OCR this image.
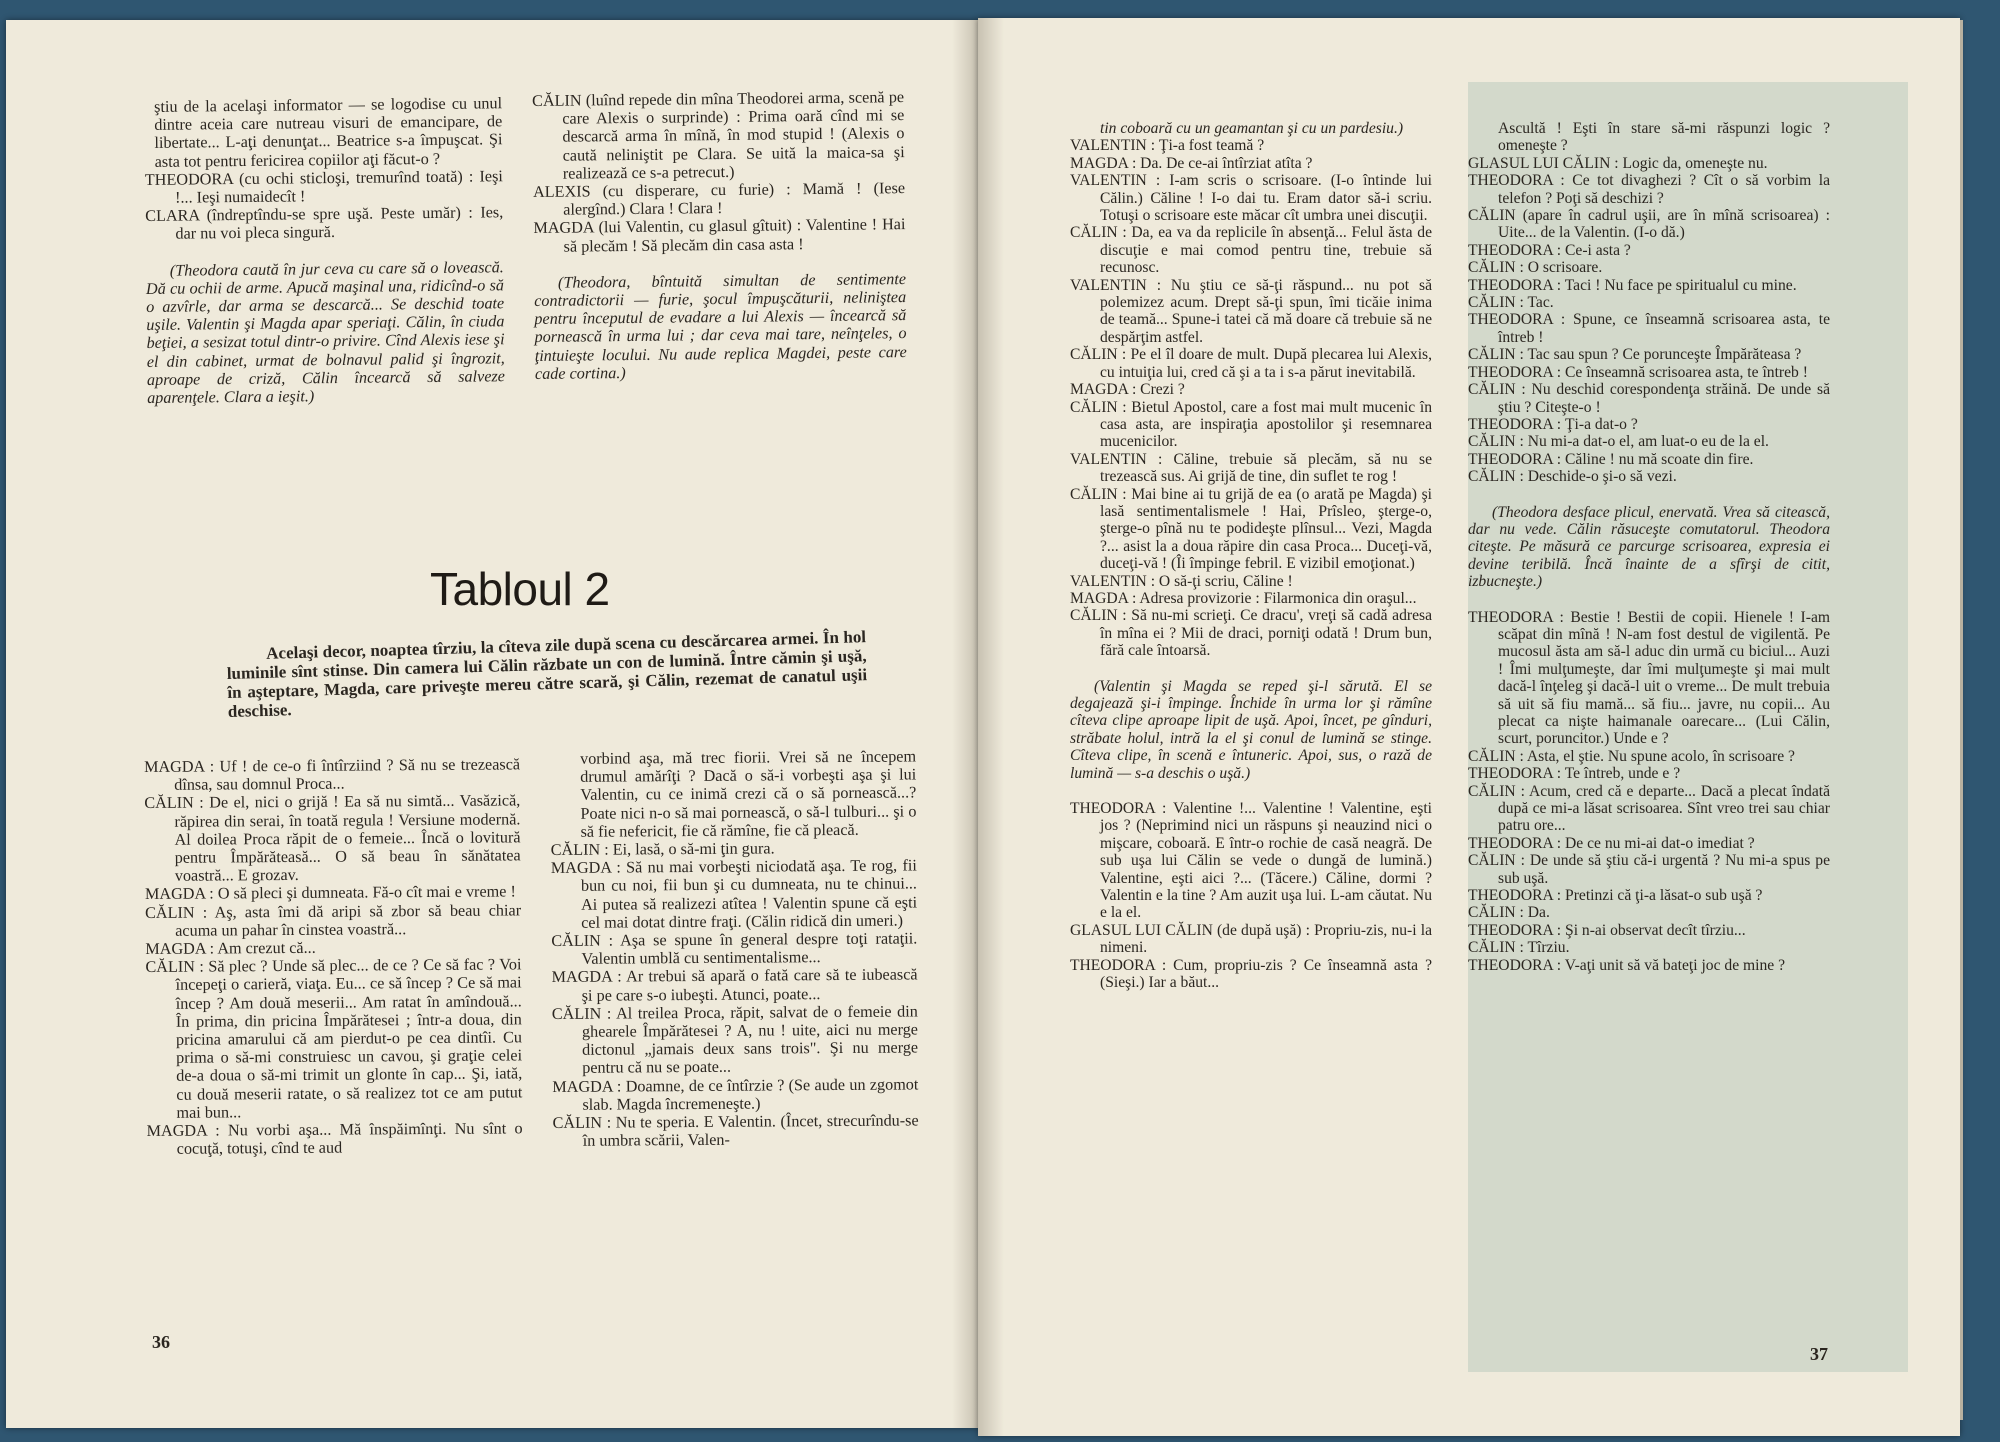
ştiu de la acelaşi informator — se logodise cu unul dintre aceia care nutreau visuri de emancipare, de libertate... L-aţi denunţat... Beatrice s-a împuşcat. Şi asta tot pentru fericirea copiilor aţi făcut-o ?

THEODORA (cu ochi sticloşi, tremurînd toată) : Ieşi !... Ieşi numaidecît !

CLARA (îndreptîndu-se spre uşă. Peste umăr) : Ies, dar nu voi pleca singură.

(Theodora caută în jur ceva cu care să o lovească. Dă cu ochii de arme. Apucă maşinal una, ridicînd-o să o azvîrle, dar arma se descarcă... Se deschid toate uşile. Valentin şi Magda apar speriaţi. Călin, în ciuda beţiei, a sesizat totul dintr-o privire. Cînd Alexis iese şi el din cabinet, urmat de bolnavul palid şi îngrozit, aproape de criză, Călin încearcă să salveze aparenţele. Clara a ieşit.)

CĂLIN (luînd repede din mîna Theodorei arma, scenă pe care Alexis o surprinde) : Prima oară cînd mi se descarcă arma în mînă, în mod stupid ! (Alexis o caută neliniştit pe Clara. Se uită la maica-sa şi realizează ce s-a petrecut.)

ALEXIS (cu disperare, cu furie) : Mamă ! (Iese alergînd.) Clara ! Clara !

MAGDA (lui Valentin, cu glasul gîtuit) : Valentine ! Hai să plecăm ! Să plecăm din casa asta !

(Theodora, bîntuită simultan de sentimente contradictorii — furie, şocul împuşcăturii, neliniştea pentru începutul de evadare a lui Alexis — încearcă să pornească în urma lui ; dar ceva mai tare, neînţeles, o ţintuieşte locului. Nu aude replica Magdei, peste care cade cortina.)

Tabloul 2

Acelaşi decor, noaptea tîrziu, la cîteva zile după scena cu descărcarea armei. În hol luminile sînt stinse. Din camera lui Călin răzbate un con de lumină. Între cămin şi uşă, în aşteptare, Magda, care priveşte mereu către scară, şi Călin, rezemat de canatul uşii deschise.

MAGDA : Uf ! de ce-o fi întîrziind ? Să nu se trezească dînsa, sau domnul Proca...

CĂLIN : De el, nici o grijă ! Ea să nu simtă... Vasăzică, răpirea din serai, în toată regula ! Versiune modernă. Al doilea Proca răpit de o femeie... Încă o lovitură pentru Împărăteasă... O să beau în sănătatea voastră... E grozav.

MAGDA : O să pleci şi dumneata. Fă-o cît mai e vreme !

CĂLIN : Aş, asta îmi dă aripi să zbor să beau chiar acuma un pahar în cinstea voastră...

MAGDA : Am crezut că...

CĂLIN : Să plec ? Unde să plec... de ce ? Ce să fac ? Voi începeţi o carieră, viaţa. Eu... ce să încep ? Ce să mai încep ? Am două meserii... Am ratat în amîndouă... În prima, din pricina Împărătesei ; într-a doua, din pricina amarului că am pierdut-o pe cea dintîi. Cu prima o să-mi construiesc un cavou, şi graţie celei de-a doua o să-mi trimit un glonte în cap... Şi, iată, cu două meserii ratate, o să realizez tot ce am putut mai bun...

MAGDA : Nu vorbi aşa... Mă înspăimînţi. Nu sînt o cocuţă, totuşi, cînd te aud

vorbind aşa, mă trec fiorii. Vrei să ne începem drumul amărîţi ? Dacă o să-i vorbeşti aşa şi lui Valentin, cu ce inimă crezi că o să pornească...? Poate nici n-o să mai pornească, o să-l tulburi... şi o să fie nefericit, fie că rămîne, fie că pleacă.

CĂLIN : Ei, lasă, o să-mi ţin gura.

MAGDA : Să nu mai vorbeşti niciodată aşa. Te rog, fii bun cu noi, fii bun şi cu dumneata, nu te chinui... Ai putea să realizezi atîtea ! Valentin spune că eşti cel mai dotat dintre fraţi. (Călin ridică din umeri.)

CĂLIN : Aşa se spune în general despre toţi rataţii. Valentin umblă cu sentimentalisme...

MAGDA : Ar trebui să apară o fată care să te iubească şi pe care s-o iubeşti. Atunci, poate...

CĂLIN : Al treilea Proca, răpit, salvat de o femeie din ghearele Împărătesei ? A, nu ! uite, aici nu merge dictonul „jamais deux sans trois". Şi nu merge pentru că nu se poate...

MAGDA : Doamne, de ce întîrzie ? (Se aude un zgomot slab. Magda încremeneşte.)

CĂLIN : Nu te speria. E Valentin. (Încet, strecurîndu-se în umbra scării, Valen-

36

tin coboară cu un geamantan şi cu un pardesiu.)

VALENTIN : Ţi-a fost teamă ?

MAGDA : Da. De ce-ai întîrziat atîta ?

VALENTIN : I-am scris o scrisoare. (I-o întinde lui Călin.) Căline ! I-o dai tu. Eram dator să-i scriu. Totuşi o scrisoare este măcar cît umbra unei discuţii.

CĂLIN : Da, ea va da replicile în absenţă... Felul ăsta de discuţie e mai comod pentru tine, trebuie să recunosc.

VALENTIN : Nu ştiu ce să-ţi răspund... nu pot să polemizez acum. Drept să-ţi spun, îmi ticăie inima de teamă... Spune-i tatei că mă doare că trebuie să ne despărţim astfel.

CĂLIN : Pe el îl doare de mult. După plecarea lui Alexis, cu intuiţia lui, cred că şi a ta i s-a părut inevitabilă.

MAGDA : Crezi ?

CĂLIN : Bietul Apostol, care a fost mai mult mucenic în casa asta, are inspiraţia apostolilor şi resemnarea mucenicilor.

VALENTIN : Căline, trebuie să plecăm, să nu se trezească sus. Ai grijă de tine, din suflet te rog !

CĂLIN : Mai bine ai tu grijă de ea (o arată pe Magda) şi lasă sentimentalismele ! Hai, Prîsleo, şterge-o, şterge-o pînă nu te podideşte plînsul... Vezi, Magda ?... asist la a doua răpire din casa Proca... Duceţi-vă, duceţi-vă ! (Îi împinge febril. E vizibil emoţionat.)

VALENTIN : O să-ţi scriu, Căline !

MAGDA : Adresa provizorie : Filarmonica din oraşul...

CĂLIN : Să nu-mi scrieţi. Ce dracu', vreţi să cadă adresa în mîna ei ? Mii de draci, porniţi odată ! Drum bun, fără cale întoarsă.

(Valentin şi Magda se reped şi-l sărută. El se degajează şi-i împinge. Închide în urma lor şi rămîne cîteva clipe aproape lipit de uşă. Apoi, încet, pe gînduri, străbate holul, intră la el şi conul de lumină se stinge. Cîteva clipe, în scenă e întuneric. Apoi, sus, o rază de lumină — s-a deschis o uşă.)

THEODORA : Valentine !... Valentine ! Valentine, eşti jos ? (Neprimind nici un răspuns şi neauzind nici o mişcare, coboară. E într-o rochie de casă neagră. De sub uşa lui Călin se vede o dungă de lumină.) Valentine, eşti aici ?... (Tăcere.) Căline, dormi ? Valentin e la tine ? Am auzit uşa lui. L-am căutat. Nu e la el.

GLASUL LUI CĂLIN (de după uşă) : Propriu-zis, nu-i la nimeni.

THEODORA : Cum, propriu-zis ? Ce înseamnă asta ? (Sieşi.) Iar a băut...

Ascultă ! Eşti în stare să-mi răspunzi logic ? omeneşte ?

GLASUL LUI CĂLIN : Logic da, omeneşte nu.

THEODORA : Ce tot divaghezi ? Cît o să vorbim la telefon ? Poţi să deschizi ?

CĂLIN (apare în cadrul uşii, are în mînă scrisoarea) : Uite... de la Valentin. (I-o dă.)

THEODORA : Ce-i asta ?

CĂLIN : O scrisoare.

THEODORA : Taci ! Nu face pe spiritualul cu mine.

CĂLIN : Tac.

THEODORA : Spune, ce înseamnă scrisoarea asta, te întreb !

CĂLIN : Tac sau spun ? Ce porunceşte Împărăteasa ?

THEODORA : Ce înseamnă scrisoarea asta, te întreb !

CĂLIN : Nu deschid corespondenţa străină. De unde să ştiu ? Citeşte-o !

THEODORA : Ţi-a dat-o ?

CĂLIN : Nu mi-a dat-o el, am luat-o eu de la el.

THEODORA : Căline ! nu mă scoate din fire.

CĂLIN : Deschide-o şi-o să vezi.

(Theodora desface plicul, enervată. Vrea să citească, dar nu vede. Călin răsuceşte comutatorul. Theodora citeşte. Pe măsură ce parcurge scrisoarea, expresia ei devine teribilă. Încă înainte de a sfîrşi de citit, izbucneşte.)

THEODORA : Bestie ! Bestii de copii. Hienele ! I-am scăpat din mînă ! N-am fost destul de vigilentă. Pe mucosul ăsta am să-l aduc din urmă cu biciul... Auzi ! Îmi mulţumeşte, dar îmi mulţumeşte şi mai mult dacă-l înţeleg şi dacă-l uit o vreme... De mult trebuia să uit să fiu mamă... să fiu... javre, nu copii... Au plecat ca nişte haimanale oarecare... (Lui Călin, scurt, poruncitor.) Unde e ?

CĂLIN : Asta, el ştie. Nu spune acolo, în scrisoare ?

THEODORA : Te întreb, unde e ?

CĂLIN : Acum, cred că e departe... Dacă a plecat îndată după ce mi-a lăsat scrisoarea. Sînt vreo trei sau chiar patru ore...

THEODORA : De ce nu mi-ai dat-o imediat ?

CĂLIN : De unde să ştiu că-i urgentă ? Nu mi-a spus pe sub uşă.

THEODORA : Pretinzi că ţi-a lăsat-o sub uşă ?

CĂLIN : Da.

THEODORA : Şi n-ai observat decît tîrziu...

CĂLIN : Tîrziu.

THEODORA : V-aţi unit să vă bateţi joc de mine ?

37
